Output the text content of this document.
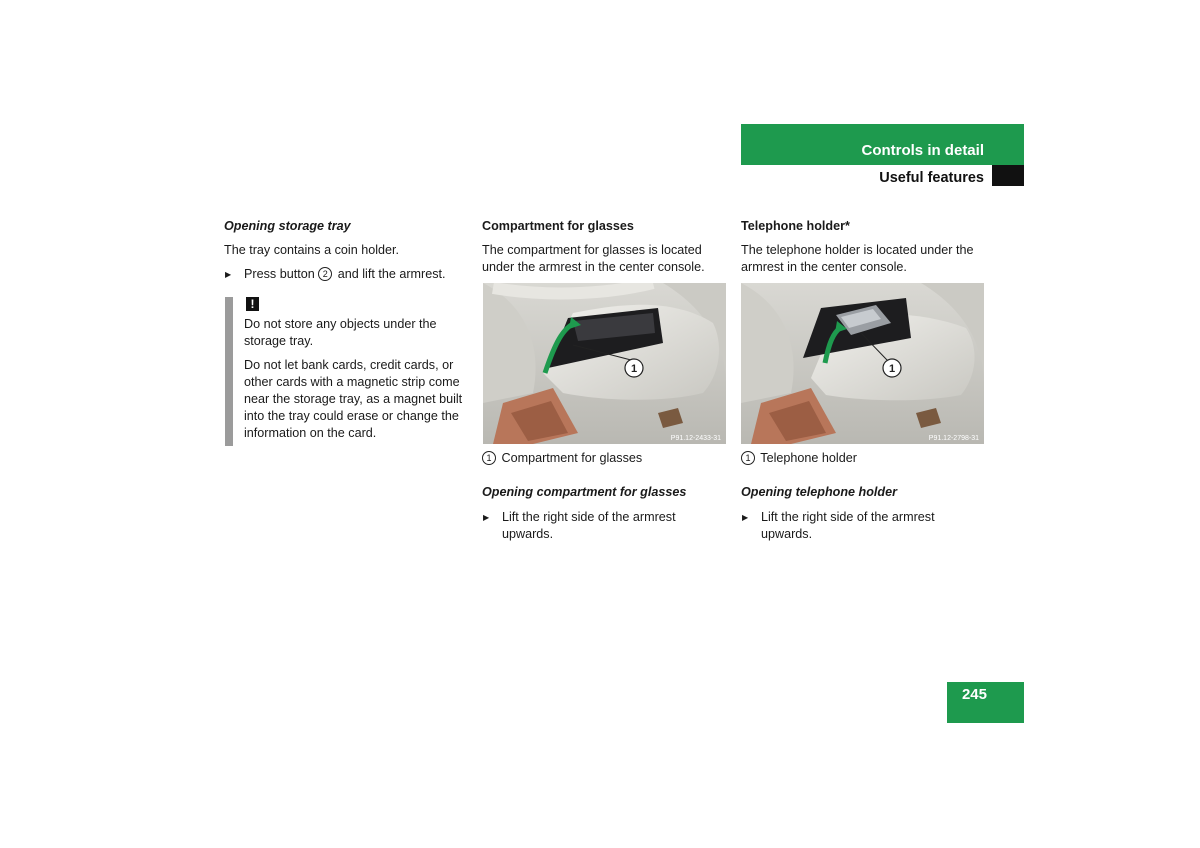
Controls in detail
Useful features
Opening storage tray
The tray contains a coin holder.
▶ Press button 2 and lift the armrest.
!
Do not store any objects under the storage tray.
Do not let bank cards, credit cards, or other cards with a magnetic strip come near the storage tray, as a magnet built into the tray could erase or change the information on the card.
Compartment for glasses
The compartment for glasses is located under the armrest in the center console.
1
P91.12-2433-31
1 Compartment for glasses
Opening compartment for glasses
▶ Lift the right side of the armrest upwards.
Telephone holder*
The telephone holder is located under the armrest in the center console.
1
P91.12-2798-31
1 Telephone holder
Opening telephone holder
▶ Lift the right side of the armrest upwards.
245
